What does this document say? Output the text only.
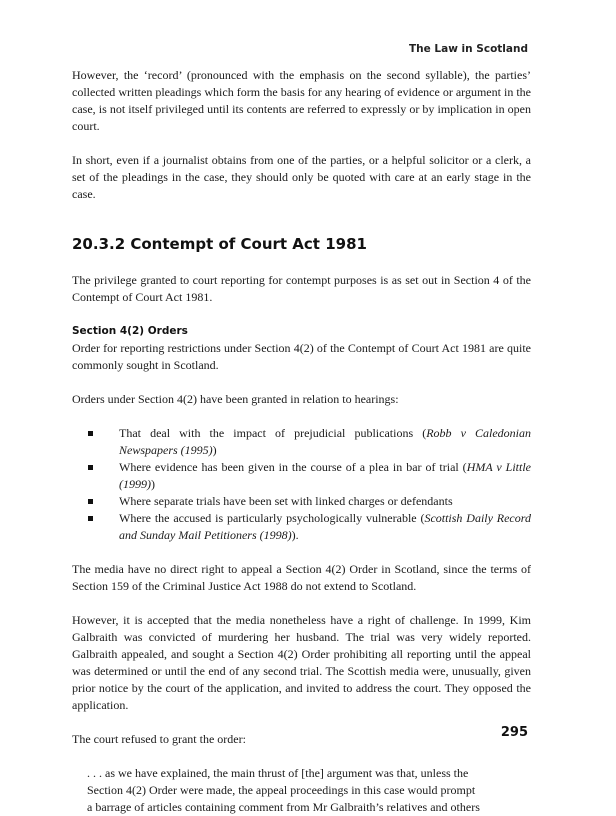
The Law in Scotland

However, the ‘record’ (pronounced with the emphasis on the second syllable), the parties’ collected written pleadings which form the basis for any hearing of evidence or argument in the case, is not itself privileged until its contents are referred to expressly or by implication in open court.

In short, even if a journalist obtains from one of the parties, or a helpful solicitor or a clerk, a set of the pleadings in the case, they should only be quoted with care at an early stage in the case.

20.3.2 Contempt of Court Act 1981

The privilege granted to court reporting for contempt purposes is as set out in Section 4 of the Contempt of Court Act 1981.

Section 4(2) Orders

Order for reporting restrictions under Section 4(2) of the Contempt of Court Act 1981 are quite commonly sought in Scotland.

Orders under Section 4(2) have been granted in relation to hearings:

That deal with the impact of prejudicial publications (Robb v Caledonian Newspapers (1995))
Where evidence has been given in the course of a plea in bar of trial (HMA v Little (1999))
Where separate trials have been set with linked charges or defendants
Where the accused is particularly psychologically vulnerable (Scottish Daily Record and Sunday Mail Petitioners (1998)).

The media have no direct right to appeal a Section 4(2) Order in Scotland, since the terms of Section 159 of the Criminal Justice Act 1988 do not extend to Scotland.

However, it is accepted that the media nonetheless have a right of challenge. In 1999, Kim Galbraith was convicted of murdering her husband. The trial was very widely reported. Galbraith appealed, and sought a Section 4(2) Order prohibiting all reporting until the appeal was determined or until the end of any second trial. The Scottish media were, unusually, given prior notice by the court of the application, and invited to address the court. They opposed the application.

The court refused to grant the order:

. . . as we have explained, the main thrust of [the] argument was that, unless the
Section 4(2) Order were made, the appeal proceedings in this case would prompt
a barrage of articles containing comment from Mr Galbraith’s relatives and others
295
